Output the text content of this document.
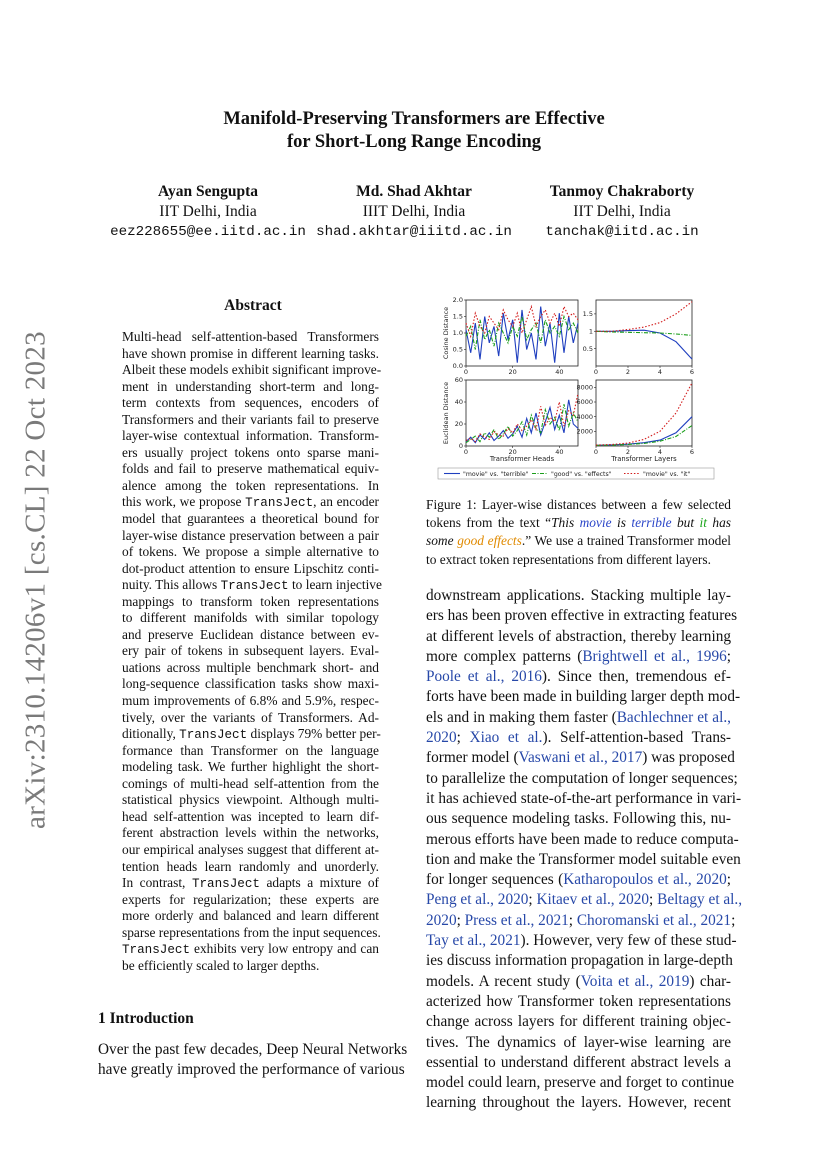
Manifold-Preserving Transformers are Effective
for Short-Long Range Encoding
Ayan Sengupta
IIT Delhi, India
eez228655@ee.iitd.ac.in
Md. Shad Akhtar
IIIT Delhi, India
shad.akhtar@iiitd.ac.in
Tanmoy Chakraborty
IIT Delhi, India
tanchak@iitd.ac.in
arXiv:2310.14206v1 [cs.CL] 22 Oct 2023
Abstract
Multi-head self-attention-based Transformers
have shown promise in different learning tasks.
Albeit these models exhibit significant improve-
ment in understanding short-term and long-
term contexts from sequences, encoders of
Transformers and their variants fail to preserve
layer-wise contextual information. Transform-
ers usually project tokens onto sparse mani-
folds and fail to preserve mathematical equiv-
alence among the token representations. In
this work, we propose TransJect, an encoder
model that guarantees a theoretical bound for
layer-wise distance preservation between a pair
of tokens. We propose a simple alternative to
dot-product attention to ensure Lipschitz conti-
nuity. This allows TransJect to learn injective
mappings to transform token representations
to different manifolds with similar topology
and preserve Euclidean distance between ev-
ery pair of tokens in subsequent layers. Eval-
uations across multiple benchmark short- and
long-sequence classification tasks show maxi-
mum improvements of 6.8% and 5.9%, respec-
tively, over the variants of Transformers. Ad-
ditionally, TransJect displays 79% better per-
formance than Transformer on the language
modeling task. We further highlight the short-
comings of multi-head self-attention from the
statistical physics viewpoint. Although multi-
head self-attention was incepted to learn dif-
ferent abstraction levels within the networks,
our empirical analyses suggest that different at-
tention heads learn randomly and unorderly.
In contrast, TransJect adapts a mixture of
experts for regularization; these experts are
more orderly and balanced and learn different
sparse representations from the input sequences.
TransJect exhibits very low entropy and can
be efficiently scaled to larger depths.
1 Introduction
Over the past few decades, Deep Neural Networks
have greatly improved the performance of various
0	20	40
0.0
0.5
1.0
1.5
2.0
Cosine Distance
0	2	4	6
0.5
1
1.5
0	20	40
0
20
40
60
Euclidean Distance
Transformer Heads
0	2	4	6
2000
4000
6000
8000
Transformer Layers
"movie" vs. "terrible"	"good" vs. "effects"	"movie" vs. "it"
Figure 1: Layer-wise distances between a few selected
tokens from the text “This movie is terrible but it has
some good effects.” We use a trained Transformer model
to extract token representations from different layers.
downstream applications. Stacking multiple lay-
ers has been proven effective in extracting features
at different levels of abstraction, thereby learning
more complex patterns (Brightwell et al., 1996;
Poole et al., 2016). Since then, tremendous ef-
forts have been made in building larger depth mod-
els and in making them faster (Bachlechner et al.,
2020; Xiao et al.). Self-attention-based Trans-
former model (Vaswani et al., 2017) was proposed
to parallelize the computation of longer sequences;
it has achieved state-of-the-art performance in vari-
ous sequence modeling tasks. Following this, nu-
merous efforts have been made to reduce computa-
tion and make the Transformer model suitable even
for longer sequences (Katharopoulos et al., 2020;
Peng et al., 2020; Kitaev et al., 2020; Beltagy et al.,
2020; Press et al., 2021; Choromanski et al., 2021;
Tay et al., 2021). However, very few of these stud-
ies discuss information propagation in large-depth
models. A recent study (Voita et al., 2019) char-
acterized how Transformer token representations
change across layers for different training objec-
tives. The dynamics of layer-wise learning are
essential to understand different abstract levels a
model could learn, preserve and forget to continue
learning throughout the layers. However, recent
